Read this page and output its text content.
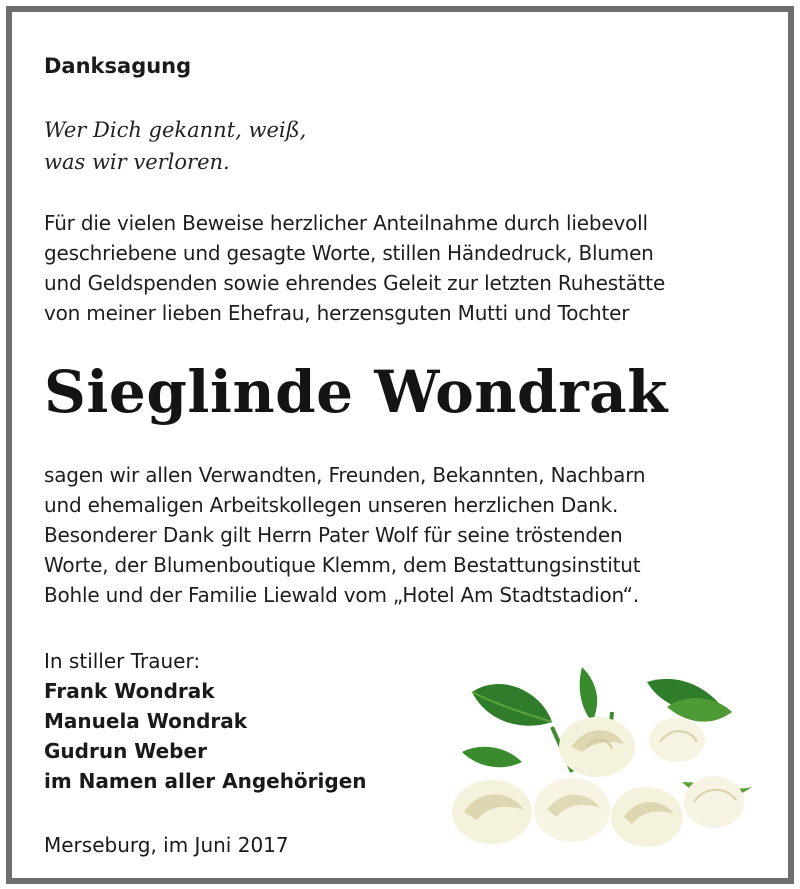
Danksagung
Wer Dich gekannt, weiß,
was wir verloren.
Für die vielen Beweise herzlicher Anteilnahme durch liebevoll
geschriebene und gesagte Worte, stillen Händedruck, Blumen
und Geldspenden sowie ehrendes Geleit zur letzten Ruhestätte
von meiner lieben Ehefrau, herzensguten Mutti und Tochter
Sieglinde Wondrak
sagen wir allen Verwandten, Freunden, Bekannten, Nachbarn
und ehemaligen Arbeitskollegen unseren herzlichen Dank.
Besonderer Dank gilt Herrn Pater Wolf für seine tröstenden
Worte, der Blumenboutique Klemm, dem Bestattungsinstitut
Bohle und der Familie Liewald vom „Hotel Am Stadtstadion“.
In stiller Trauer:
Frank Wondrak
Manuela Wondrak
Gudrun Weber
im Namen aller Angehörigen
Merseburg, im Juni 2017
